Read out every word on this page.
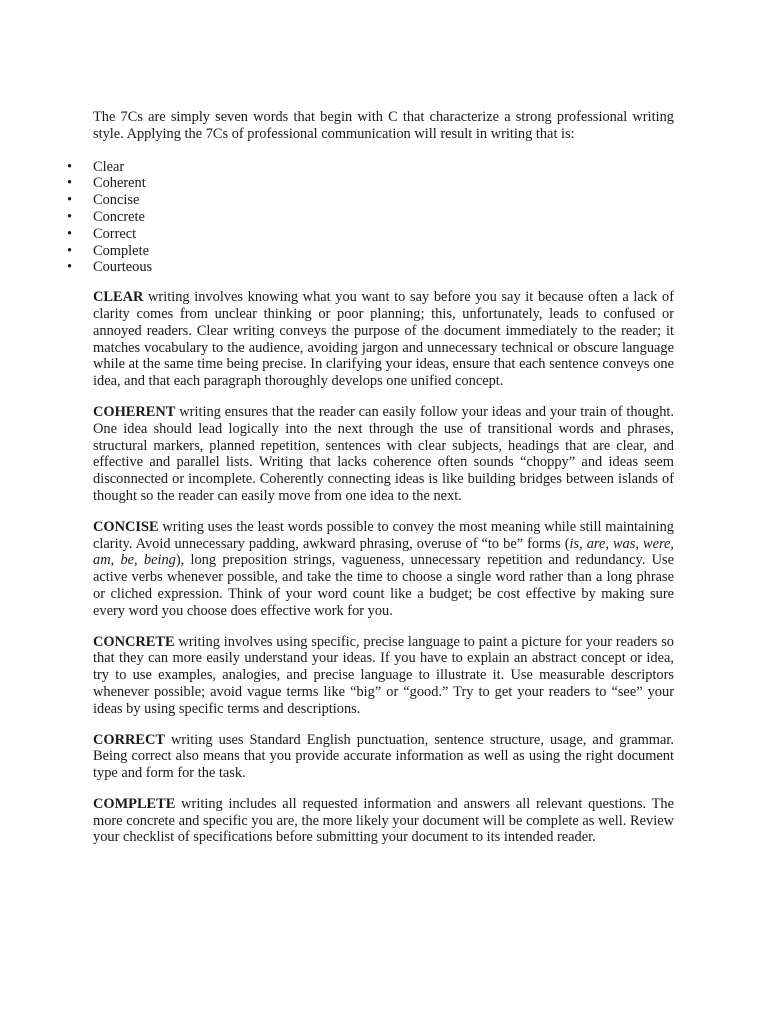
The 7Cs are simply seven words that begin with C that characterize a strong professional writing style. Applying the 7Cs of professional communication will result in writing that is:

• Clear
• Coherent
• Concise
• Concrete
• Correct
• Complete
• Courteous

CLEAR writing involves knowing what you want to say before you say it because often a lack of clarity comes from unclear thinking or poor planning; this, unfortunately, leads to confused or annoyed readers. Clear writing conveys the purpose of the document immediately to the reader; it matches vocabulary to the audience, avoiding jargon and unnecessary technical or obscure language while at the same time being precise. In clarifying your ideas, ensure that each sentence conveys one idea, and that each paragraph thoroughly develops one unified concept.

COHERENT writing ensures that the reader can easily follow your ideas and your train of thought. One idea should lead logically into the next through the use of transitional words and phrases, structural markers, planned repetition, sentences with clear subjects, headings that are clear, and effective and parallel lists. Writing that lacks coherence often sounds “choppy” and ideas seem disconnected or incomplete. Coherently connecting ideas is like building bridges between islands of thought so the reader can easily move from one idea to the next.

CONCISE writing uses the least words possible to convey the most meaning while still maintaining clarity. Avoid unnecessary padding, awkward phrasing, overuse of “to be” forms (is, are, was, were, am, be, being), long preposition strings, vagueness, unnecessary repetition and redundancy. Use active verbs whenever possible, and take the time to choose a single word rather than a long phrase or cliched expression. Think of your word count like a budget; be cost effective by making sure every word you choose does effective work for you.

CONCRETE writing involves using specific, precise language to paint a picture for your readers so that they can more easily understand your ideas. If you have to explain an abstract concept or idea, try to use examples, analogies, and precise language to illustrate it. Use measurable descriptors whenever possible; avoid vague terms like “big” or “good.” Try to get your readers to “see” your ideas by using specific terms and descriptions.

CORRECT writing uses Standard English punctuation, sentence structure, usage, and grammar. Being correct also means that you provide accurate information as well as using the right document type and form for the task.

COMPLETE writing includes all requested information and answers all relevant questions. The more concrete and specific you are, the more likely your document will be complete as well. Review your checklist of specifications before submitting your document to its intended reader.
